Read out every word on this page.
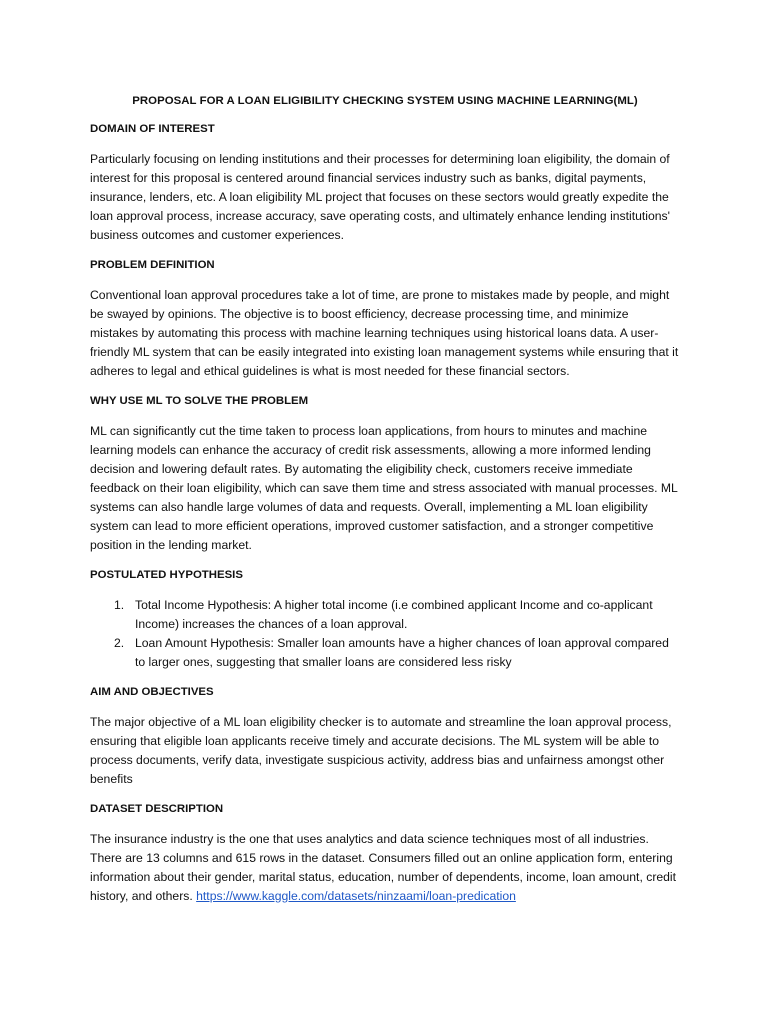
PROPOSAL FOR A LOAN ELIGIBILITY CHECKING SYSTEM USING MACHINE LEARNING(ML)
DOMAIN OF INTEREST

Particularly focusing on lending institutions and their processes for determining loan eligibility, the domain of interest for this proposal is centered around financial services industry such as banks, digital payments, insurance, lenders, etc. A loan eligibility ML project that focuses on these sectors would greatly expedite the loan approval process, increase accuracy, save operating costs, and ultimately enhance lending institutions' business outcomes and customer experiences.

PROBLEM DEFINITION

Conventional loan approval procedures take a lot of time, are prone to mistakes made by people, and might be swayed by opinions. The objective is to boost efficiency, decrease processing time, and minimize mistakes by automating this process with machine learning techniques using historical loans data. A user-friendly ML system that can be easily integrated into existing loan management systems while ensuring that it adheres to legal and ethical guidelines is what is most needed for these financial sectors.

WHY USE ML TO SOLVE THE PROBLEM

ML can significantly cut the time taken to process loan applications, from hours to minutes and machine learning models can enhance the accuracy of credit risk assessments, allowing a more informed lending decision and lowering default rates. By automating the eligibility check, customers receive immediate feedback on their loan eligibility, which can save them time and stress associated with manual processes. ML systems can also handle large volumes of data and requests. Overall, implementing a ML loan eligibility system can lead to more efficient operations, improved customer satisfaction, and a stronger competitive position in the lending market.

POSTULATED HYPOTHESIS
1. Total Income Hypothesis: A higher total income (i.e combined applicant Income and co-applicant Income) increases the chances of a loan approval.
2. Loan Amount Hypothesis: Smaller loan amounts have a higher chances of loan approval compared to larger ones, suggesting that smaller loans are considered less risky
AIM AND OBJECTIVES

The major objective of a ML loan eligibility checker is to automate and streamline the loan approval process, ensuring that eligible loan applicants receive timely and accurate decisions. The ML system will be able to process documents, verify data, investigate suspicious activity, address bias and unfairness amongst other benefits

DATASET DESCRIPTION

The insurance industry is the one that uses analytics and data science techniques most of all industries. There are 13 columns and 615 rows in the dataset. Consumers filled out an online application form, entering information about their gender, marital status, education, number of dependents, income, loan amount, credit history, and others. https://www.kaggle.com/datasets/ninzaami/loan-predication
